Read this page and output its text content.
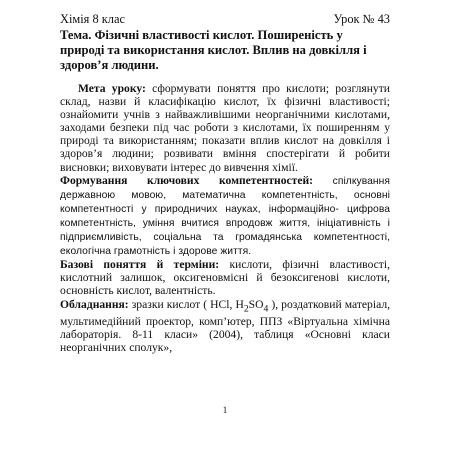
Хімія 8 клас	Урок № 43
Тема. Фізичні властивості кислот. Поширеність у природі та використання кислот. Вплив на довкілля і здоров’я людини.
Мета уроку: сформувати поняття про кислоти; розглянути склад, назви й класифікацію кислот, їх фізичні властивості; ознайомити учнів з найважливішими неорганічними кислотами, заходами безпеки під час роботи з кислотами, їх поширенням у природі та використанням; показати вплив кислот на довкілля і здоров’я людини; розвивати вміння спостерігати й робити висновки; виховувати інтерес до вивчення хімії.
Формування ключових компетентностей: спілкування державною мовою, математична компетентність, основні компетентності у природничих науках, інформаційно- цифрова компетентність, уміння вчитися впродовж життя, ініціативність і підприємливість, соціальна та громадянська компетентності, екологічна грамотність і здорове життя.
Базові поняття й терміни: кислоти, фізичні властивості, кислотний залишок, оксигеновмісні й безоксигенові кислоти, основність кислот, валентність.
Обладнання: зразки кислот ( HCl, $H_2SO_4$ ), роздатковий матеріал, мультимедійний проектор, комп’ютер, ППЗ «Віртуальна хімічна лабораторія. 8-11 класи» (2004), таблиця «Основні класи неорганічних сполук»,
1
